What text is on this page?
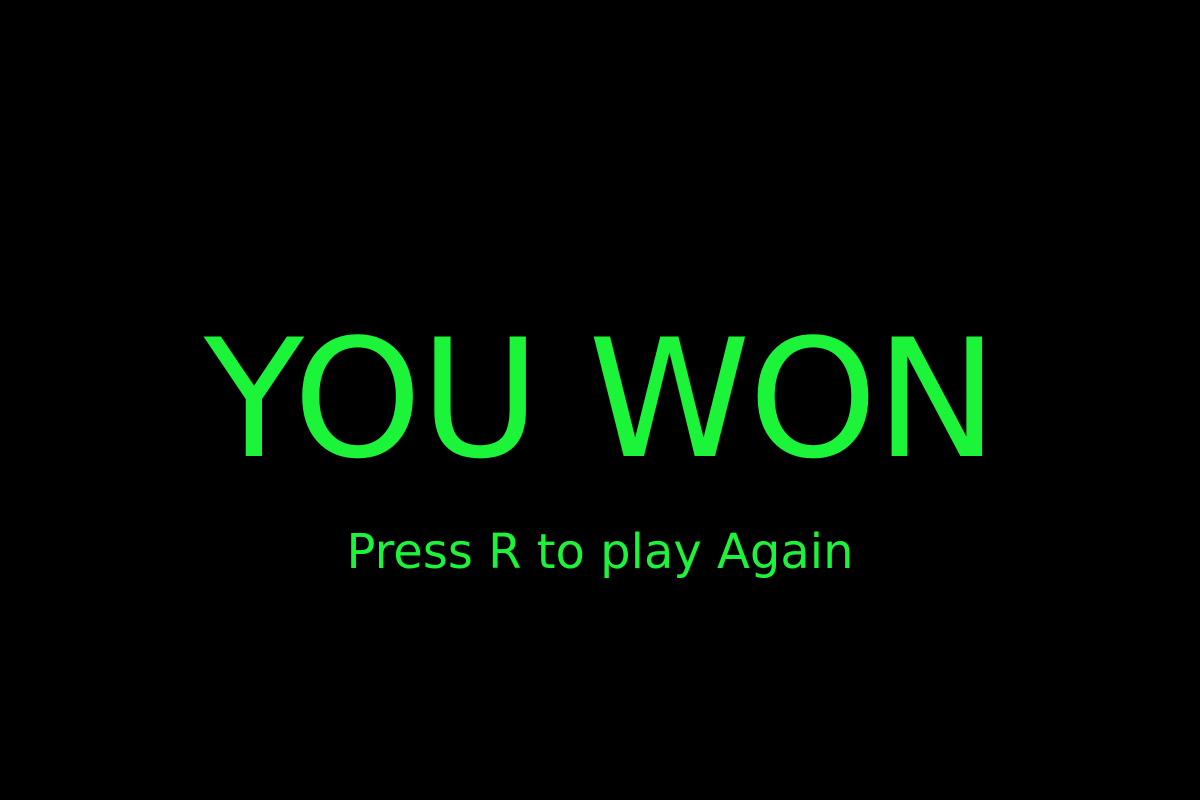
YOU WON
Press R to play Again
